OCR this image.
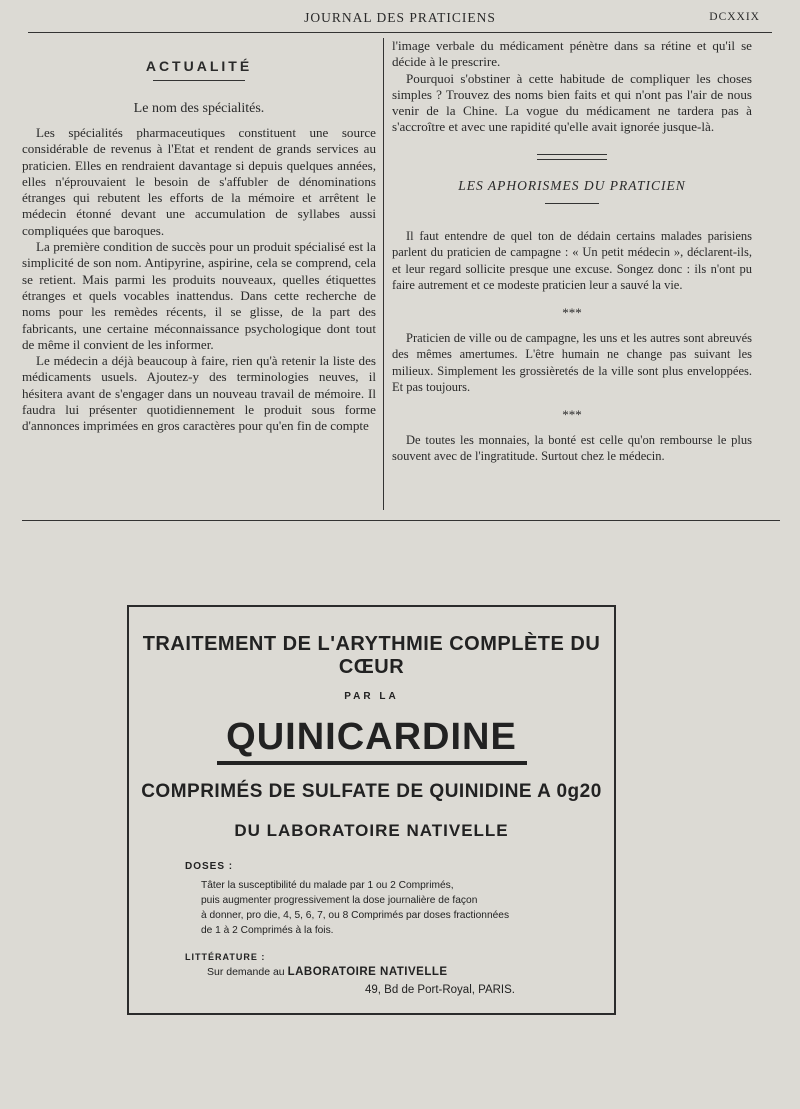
JOURNAL DES PRATICIENS	DCXXIX
ACTUALITÉ
Le nom des spécialités.

Les spécialités pharmaceutiques constituent une source considérable de revenus à l'Etat et rendent de grands services au praticien. Elles en rendraient davantage si depuis quelques années, elles n'éprouvaient le besoin de s'affubler de dénominations étranges qui rebutent les efforts de la mémoire et arrêtent le médecin étonné devant une accumulation de syllabes aussi compliquées que baroques.

La première condition de succès pour un produit spécialisé est la simplicité de son nom. Antipyrine, aspirine, cela se comprend, cela se retient. Mais parmi les produits nouveaux, quelles étiquettes étranges et quels vocables inattendus. Dans cette recherche de noms pour les remèdes récents, il se glisse, de la part des fabricants, une certaine méconnaissance psychologique dont tout de même il convient de les informer.

Le médecin a déjà beaucoup à faire, rien qu'à retenir la liste des médicaments usuels. Ajoutez-y des terminologies neuves, il hésitera avant de s'engager dans un nouveau travail de mémoire. Il faudra lui présenter quotidiennement le produit sous forme d'annonces imprimées en gros caractères pour qu'en fin de compte

l'image verbale du médicament pénètre dans sa rétine et qu'il se décide à le prescrire.

Pourquoi s'obstiner à cette habitude de compliquer les choses simples ? Trouvez des noms bien faits et qui n'ont pas l'air de nous venir de la Chine. La vogue du médicament ne tardera pas à s'accroître et avec une rapidité qu'elle avait ignorée jusque-là.

LES APHORISMES DU PRATICIEN

Il faut entendre de quel ton de dédain certains malades parisiens parlent du praticien de campagne : « Un petit médecin », déclarent-ils, et leur regard sollicite presque une excuse. Songez donc : ils n'ont pu faire autrement et ce modeste praticien leur a sauvé la vie.

***

Praticien de ville ou de campagne, les uns et les autres sont abreuvés des mêmes amertumes. L'être humain ne change pas suivant les milieux. Simplement les grossièretés de la ville sont plus enveloppées. Et pas toujours.

***

De toutes les monnaies, la bonté est celle qu'on rembourse le plus souvent avec de l'ingratitude. Surtout chez le médecin.

TRAITEMENT DE L'ARYTHMIE COMPLÈTE DU CŒUR
PAR LA
QUINICARDINE
COMPRIMÉS DE SULFATE DE QUINIDINE A 0g20
DU LABORATOIRE NATIVELLE
DOSES :
Tâter la susceptibilité du malade par 1 ou 2 Comprimés,
puis augmenter progressivement la dose journalière de façon
à donner, pro die, 4, 5, 6, 7, ou 8 Comprimés par doses fractionnées
de 1 à 2 Comprimés à la fois.
LITTÉRATURE :
Sur demande au LABORATOIRE NATIVELLE
49, Bd de Port-Royal, PARIS.
